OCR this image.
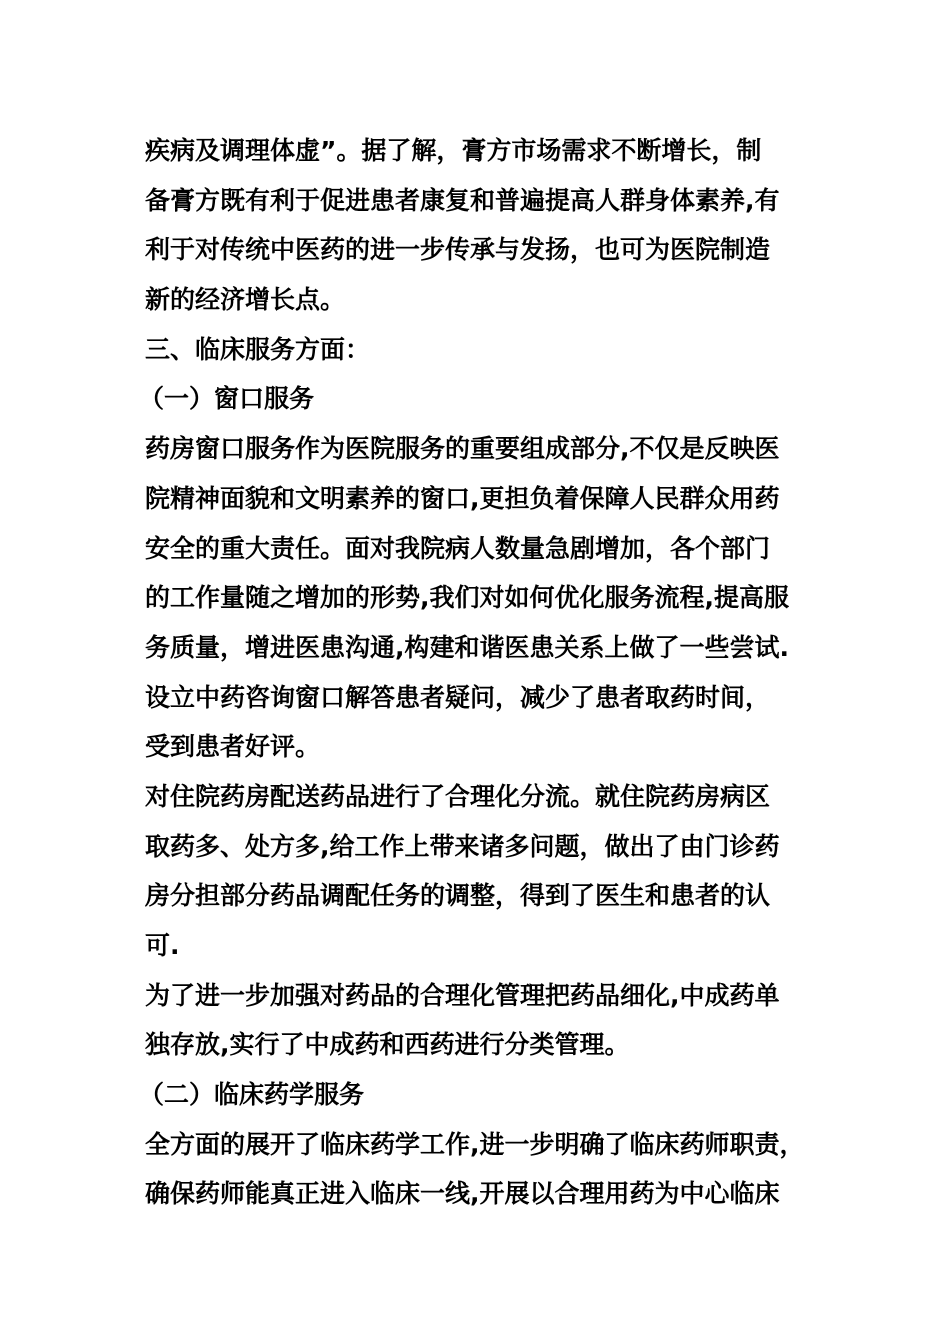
疾病及调理体虚”。据了解，膏方市场需求不断增长，制
备膏方既有利于促进患者康复和普遍提高人群身体素养,有
利于对传统中医药的进一步传承与发扬，也可为医院制造
新的经济增长点。
三、临床服务方面：
（一）窗口服务
药房窗口服务作为医院服务的重要组成部分,不仅是反映医
院精神面貌和文明素养的窗口,更担负着保障人民群众用药
安全的重大责任。面对我院病人数量急剧增加，各个部门
的工作量随之增加的形势,我们对如何优化服务流程,提高服
务质量，增进医患沟通,构建和谐医患关系上做了一些尝试.
设立中药咨询窗口解答患者疑问，减少了患者取药时间，
受到患者好评。
对住院药房配送药品进行了合理化分流。就住院药房病区
取药多、处方多,给工作上带来诸多问题，做出了由门诊药
房分担部分药品调配任务的调整，得到了医生和患者的认
可.
为了进一步加强对药品的合理化管理把药品细化,中成药单
独存放,实行了中成药和西药进行分类管理。
（二）临床药学服务
全方面的展开了临床药学工作,进一步明确了临床药师职责，
确保药师能真正进入临床一线,开展以合理用药为中心临床
